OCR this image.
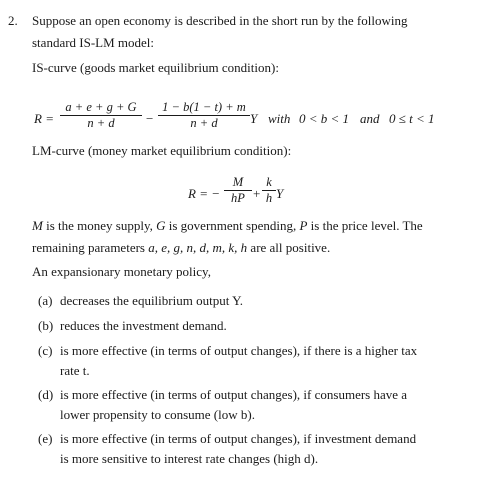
2. Suppose an open economy is described in the short run by the following
standard IS-LM model:
IS-curve (goods market equilibrium condition):
R =
a + e + g + G
n + d	−
1 − b(1 − t) + m
n + d	Y with 0 < b < 1 and 0 ≤ t < 1
LM-curve (money market equilibrium condition):
R = −
M
hP +
k
h Y
M is the money supply, G is government spending, P is the price level. The
remaining parameters a, e, g, n, d, m, k, h are all positive.
An expansionary monetary policy,
(a) decreases the equilibrium output Y.
(b) reduces the investment demand.
(c) is more effective (in terms of output changes), if there is a higher tax
rate t.
(d) is more effective (in terms of output changes), if consumers have a
lower propensity to consume (low b).
(e) is more effective (in terms of output changes), if investment demand
is more sensitive to interest rate changes (high d).
